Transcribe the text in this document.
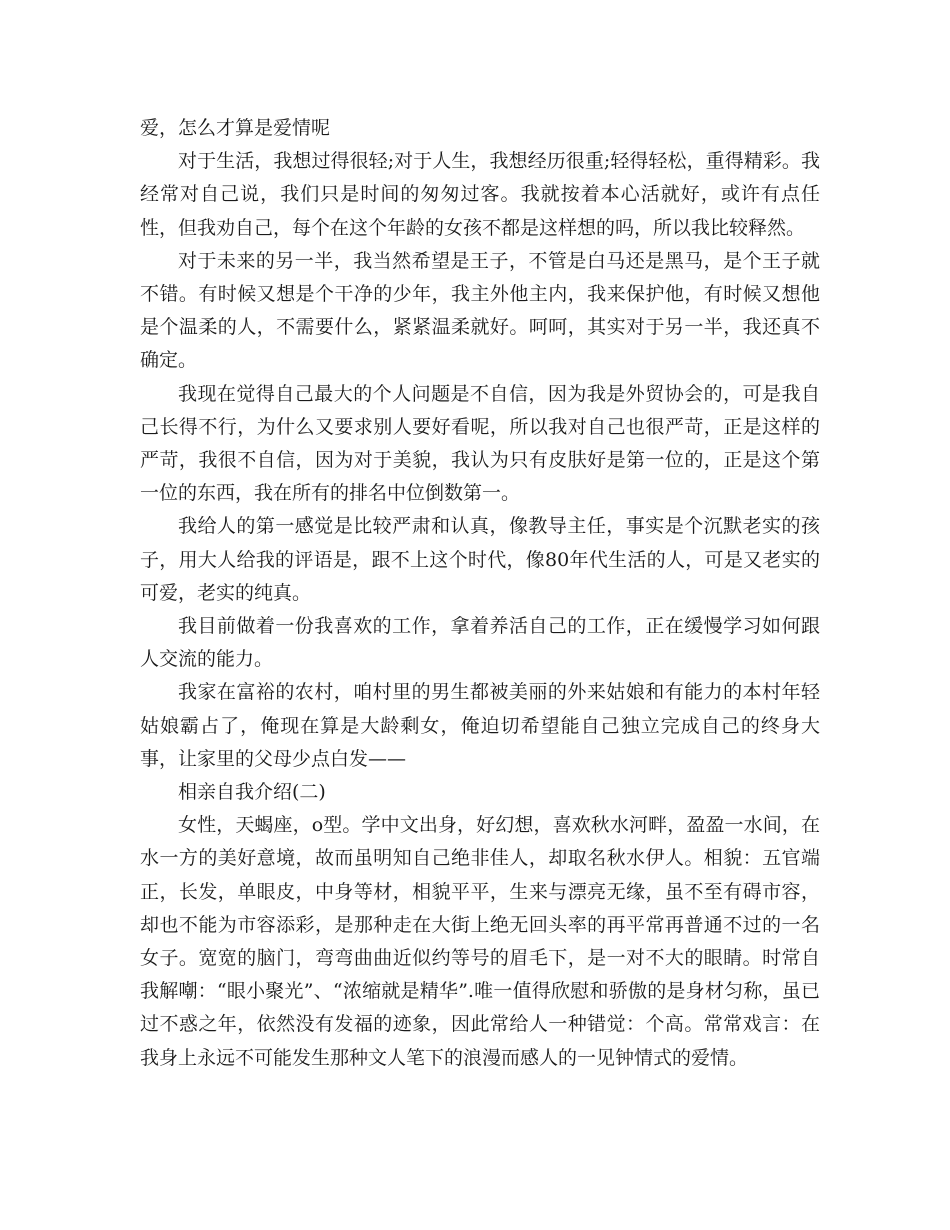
爱，怎么才算是爱情呢

对于生活，我想过得很轻;对于人生，我想经历很重;轻得轻松，重得精彩。我经常对自己说，我们只是时间的匆匆过客。我就按着本心活就好，或许有点任性，但我劝自己，每个在这个年龄的女孩不都是这样想的吗，所以我比较释然。

对于未来的另一半，我当然希望是王子，不管是白马还是黑马，是个王子就不错。有时候又想是个干净的少年，我主外他主内，我来保护他，有时候又想他是个温柔的人，不需要什么，紧紧温柔就好。呵呵，其实对于另一半，我还真不确定。

我现在觉得自己最大的个人问题是不自信，因为我是外贸协会的，可是我自己长得不行，为什么又要求别人要好看呢，所以我对自己也很严苛，正是这样的严苛，我很不自信，因为对于美貌，我认为只有皮肤好是第一位的，正是这个第一位的东西，我在所有的排名中位倒数第一。

我给人的第一感觉是比较严肃和认真，像教导主任，事实是个沉默老实的孩子，用大人给我的评语是，跟不上这个时代，像80年代生活的人，可是又老实的可爱，老实的纯真。

我目前做着一份我喜欢的工作，拿着养活自己的工作，正在缓慢学习如何跟人交流的能力。

我家在富裕的农村，咱村里的男生都被美丽的外来姑娘和有能力的本村年轻姑娘霸占了，俺现在算是大龄剩女，俺迫切希望能自己独立完成自己的终身大事，让家里的父母少点白发——

相亲自我介绍(二)

女性，天蝎座，o型。学中文出身，好幻想，喜欢秋水河畔，盈盈一水间，在水一方的美好意境，故而虽明知自己绝非佳人，却取名秋水伊人。相貌：五官端正，长发，单眼皮，中身等材，相貌平平，生来与漂亮无缘，虽不至有碍市容，却也不能为市容添彩，是那种走在大街上绝无回头率的再平常再普通不过的一名女子。宽宽的脑门，弯弯曲曲近似约等号的眉毛下，是一对不大的眼睛。时常自我解嘲：“眼小聚光”、“浓缩就是精华”.唯一值得欣慰和骄傲的是身材匀称，虽已过不惑之年，依然没有发福的迹象，因此常给人一种错觉：个高。常常戏言：在我身上永远不可能发生那种文人笔下的浪漫而感人的一见钟情式的爱情。
